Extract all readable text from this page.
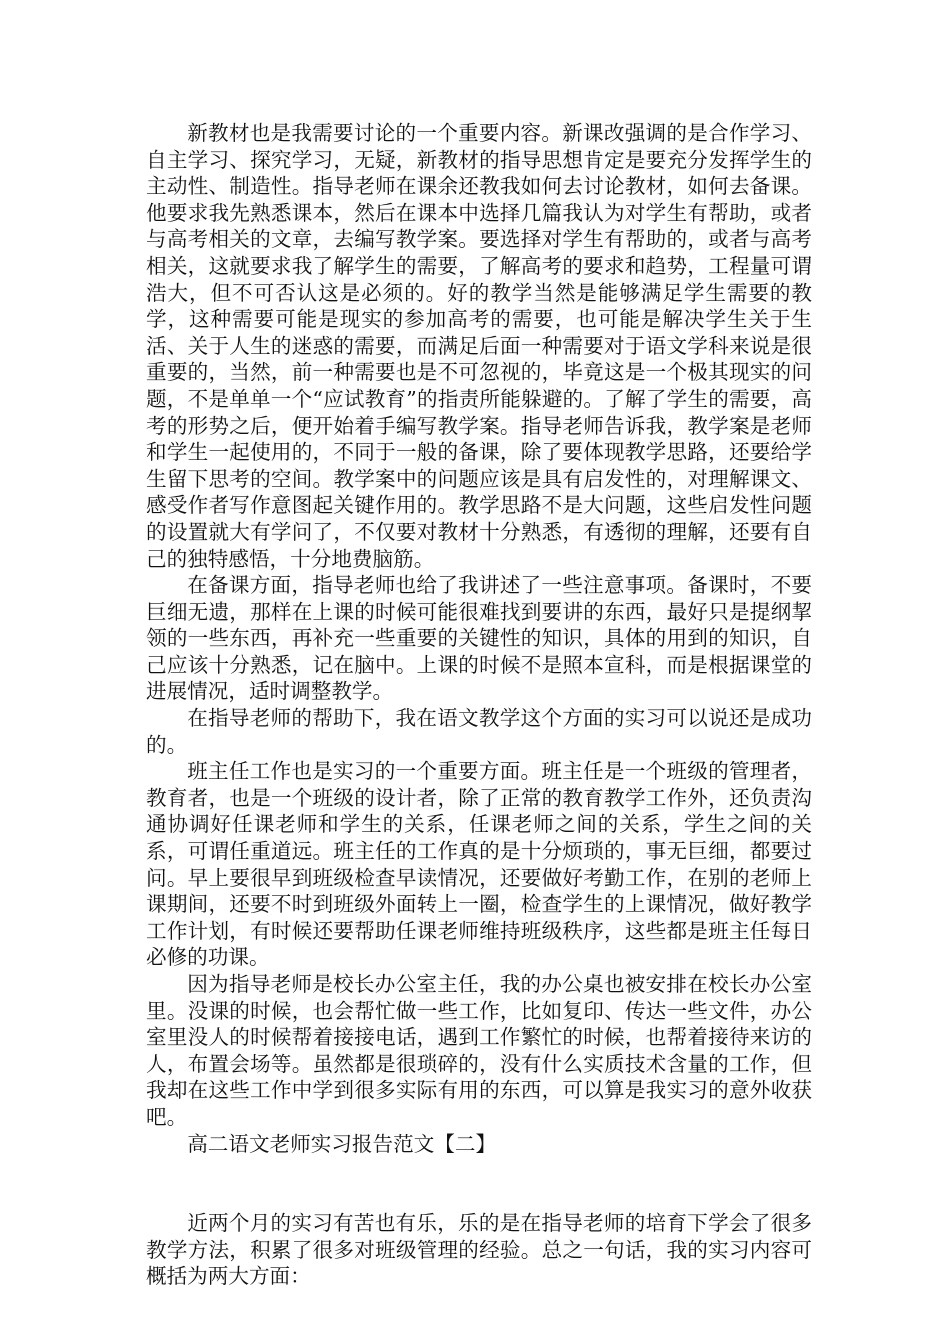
新教材也是我需要讨论的一个重要内容。新课改强调的是合作学习、自主学习、探究学习，无疑，新教材的指导思想肯定是要充分发挥学生的主动性、制造性。指导老师在课余还教我如何去讨论教材，如何去备课。他要求我先熟悉课本，然后在课本中选择几篇我认为对学生有帮助，或者与高考相关的文章，去编写教学案。要选择对学生有帮助的，或者与高考相关，这就要求我了解学生的需要，了解高考的要求和趋势，工程量可谓浩大，但不可否认这是必须的。好的教学当然是能够满足学生需要的教学，这种需要可能是现实的参加高考的需要，也可能是解决学生关于生活、关于人生的迷惑的需要，而满足后面一种需要对于语文学科来说是很重要的，当然，前一种需要也是不可忽视的，毕竟这是一个极其现实的问题，不是单单一个“应试教育”的指责所能躲避的。了解了学生的需要，高考的形势之后，便开始着手编写教学案。指导老师告诉我，教学案是老师和学生一起使用的，不同于一般的备课，除了要体现教学思路，还要给学生留下思考的空间。教学案中的问题应该是具有启发性的，对理解课文、感受作者写作意图起关键作用的。教学思路不是大问题，这些启发性问题的设置就大有学问了，不仅要对教材十分熟悉，有透彻的理解，还要有自己的独特感悟，十分地费脑筋。

在备课方面，指导老师也给了我讲述了一些注意事项。备课时，不要巨细无遗，那样在上课的时候可能很难找到要讲的东西，最好只是提纲挈领的一些东西，再补充一些重要的关键性的知识，具体的用到的知识，自己应该十分熟悉，记在脑中。上课的时候不是照本宣科，而是根据课堂的进展情况，适时调整教学。

在指导老师的帮助下，我在语文教学这个方面的实习可以说还是成功的。

班主任工作也是实习的一个重要方面。班主任是一个班级的管理者，教育者，也是一个班级的设计者，除了正常的教育教学工作外，还负责沟通协调好任课老师和学生的关系，任课老师之间的关系，学生之间的关系，可谓任重道远。班主任的工作真的是十分烦琐的，事无巨细，都要过问。早上要很早到班级检查早读情况，还要做好考勤工作，在别的老师上课期间，还要不时到班级外面转上一圈，检查学生的上课情况，做好教学工作计划，有时候还要帮助任课老师维持班级秩序，这些都是班主任每日必修的功课。

因为指导老师是校长办公室主任，我的办公桌也被安排在校长办公室里。没课的时候，也会帮忙做一些工作，比如复印、传达一些文件，办公室里没人的时候帮着接接电话，遇到工作繁忙的时候，也帮着接待来访的人，布置会场等。虽然都是很琐碎的，没有什么实质技术含量的工作，但我却在这些工作中学到很多实际有用的东西，可以算是我实习的意外收获吧。

高二语文老师实习报告范文【二】

近两个月的实习有苦也有乐，乐的是在指导老师的培育下学会了很多教学方法，积累了很多对班级管理的经验。总之一句话，我的实习内容可概括为两大方面：
